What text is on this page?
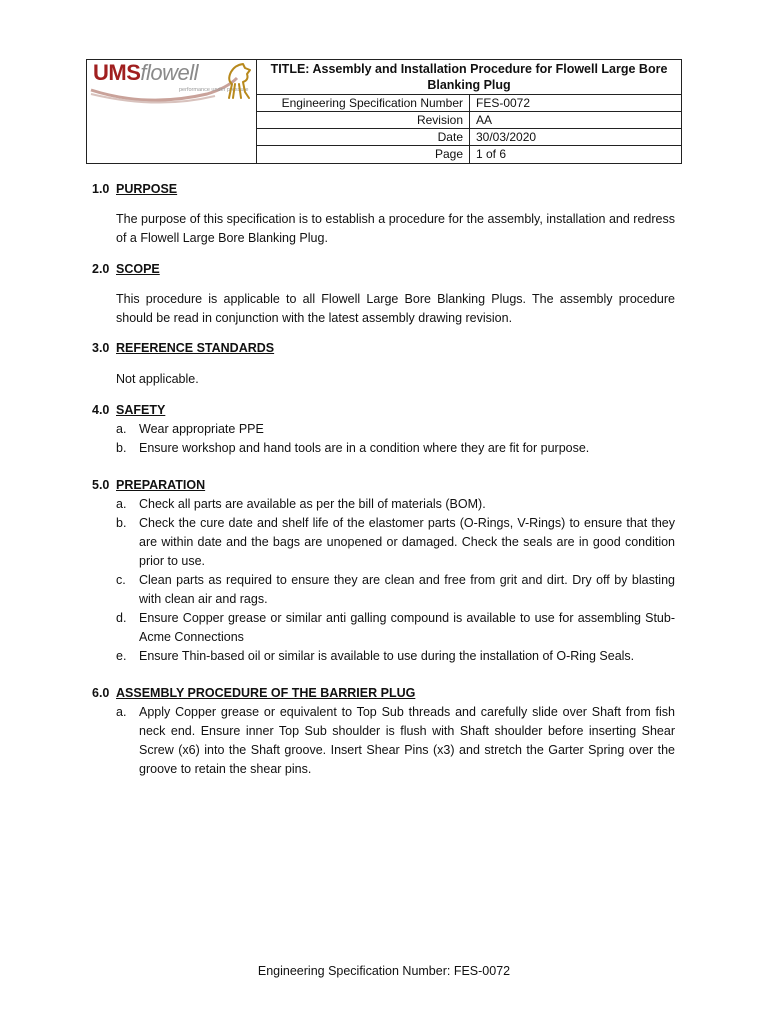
UMSflowell
performance under pressure
TITLE: Assembly and Installation Procedure for Flowell Large Bore Blanking Plug
Engineering Specification Number	FES-0072
Revision	AA
Date	30/03/2020
Page	1 of 6

1.0 PURPOSE

The purpose of this specification is to establish a procedure for the assembly, installation and redress of a Flowell Large Bore Blanking Plug.

2.0 SCOPE

This procedure is applicable to all Flowell Large Bore Blanking Plugs. The assembly procedure should be read in conjunction with the latest assembly drawing revision.

3.0 REFERENCE STANDARDS

Not applicable.

4.0 SAFETY

a.	Wear appropriate PPE
b.	Ensure workshop and hand tools are in a condition where they are fit for purpose.

5.0 PREPARATION

a.	Check all parts are available as per the bill of materials (BOM).
b.	Check the cure date and shelf life of the elastomer parts (O-Rings, V-Rings) to ensure that they are within date and the bags are unopened or damaged. Check the seals are in good condition prior to use.
c.	Clean parts as required to ensure they are clean and free from grit and dirt. Dry off by blasting with clean air and rags.
d.	Ensure Copper grease or similar anti galling compound is available to use for assembling Stub-Acme Connections
e.	Ensure Thin-based oil or similar is available to use during the installation of O-Ring Seals.

6.0 ASSEMBLY PROCEDURE OF THE BARRIER PLUG

a.	Apply Copper grease or equivalent to Top Sub threads and carefully slide over Shaft from fish neck end. Ensure inner Top Sub shoulder is flush with Shaft shoulder before inserting Shear Screw (x6) into the Shaft groove. Insert Shear Pins (x3) and stretch the Garter Spring over the groove to retain the shear pins.
Engineering Specification Number: FES-0072
